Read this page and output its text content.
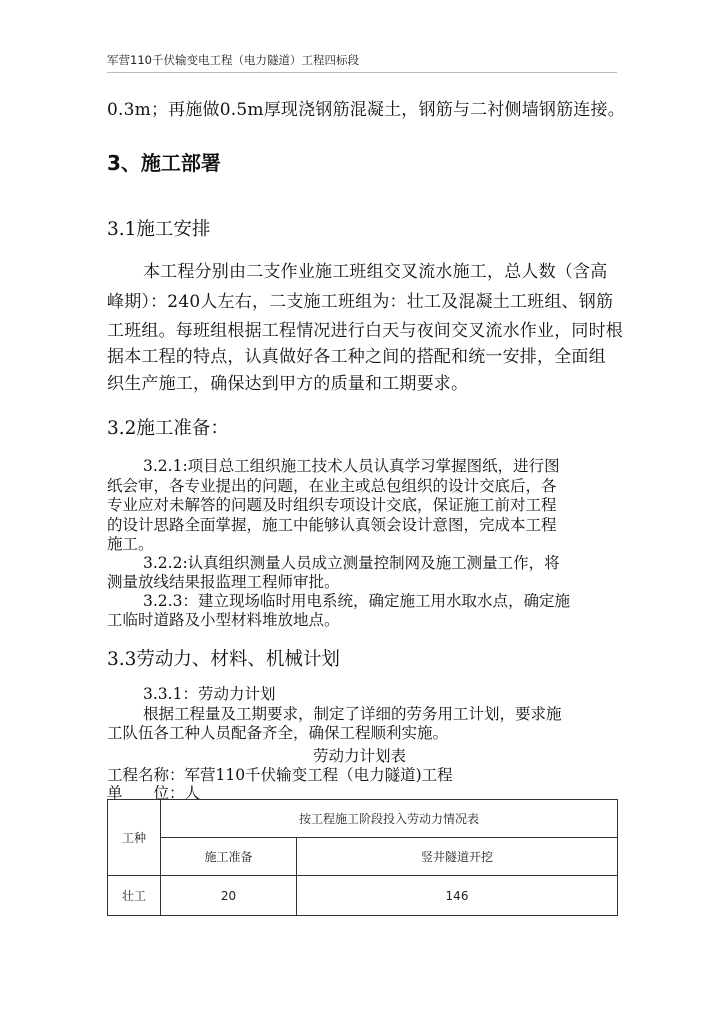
军营110千伏输变电工程（电力隧道）工程四标段
0.3m；再施做0.5m厚现浇钢筋混凝土，钢筋与二衬侧墙钢筋连接。
3、施工部署
3.1施工安排
本工程分别由二支作业施工班组交叉流水施工，总人数（含高
峰期）：240人左右，二支施工班组为：壮工及混凝土工班组、钢筋
工班组。每班组根据工程情况进行白天与夜间交叉流水作业，同时根
据本工程的特点，认真做好各工种之间的搭配和统一安排，全面组
织生产施工，确保达到甲方的质量和工期要求。
3.2施工准备：
3.2.1:项目总工组织施工技术人员认真学习掌握图纸，进行图
纸会审，各专业提出的问题，在业主或总包组织的设计交底后，各
专业应对未解答的问题及时组织专项设计交底，保证施工前对工程
的设计思路全面掌握，施工中能够认真领会设计意图，完成本工程
施工。
3.2.2:认真组织测量人员成立测量控制网及施工测量工作，将
测量放线结果报监理工程师审批。
3.2.3：建立现场临时用电系统，确定施工用水取水点，确定施
工临时道路及小型材料堆放地点。
3.3劳动力、材料、机械计划
3.3.1：劳动力计划
根据工程量及工期要求，制定了详细的劳务用工计划，要求施
工队伍各工种人员配备齐全，确保工程顺利实施。
劳动力计划表
工程名称：军营110千伏输变工程（电力隧道)工程
单　　位：人
工种	按工程施工阶段投入劳动力情况表	
	施工准备	竖井隧道开挖
壮工	20	146
